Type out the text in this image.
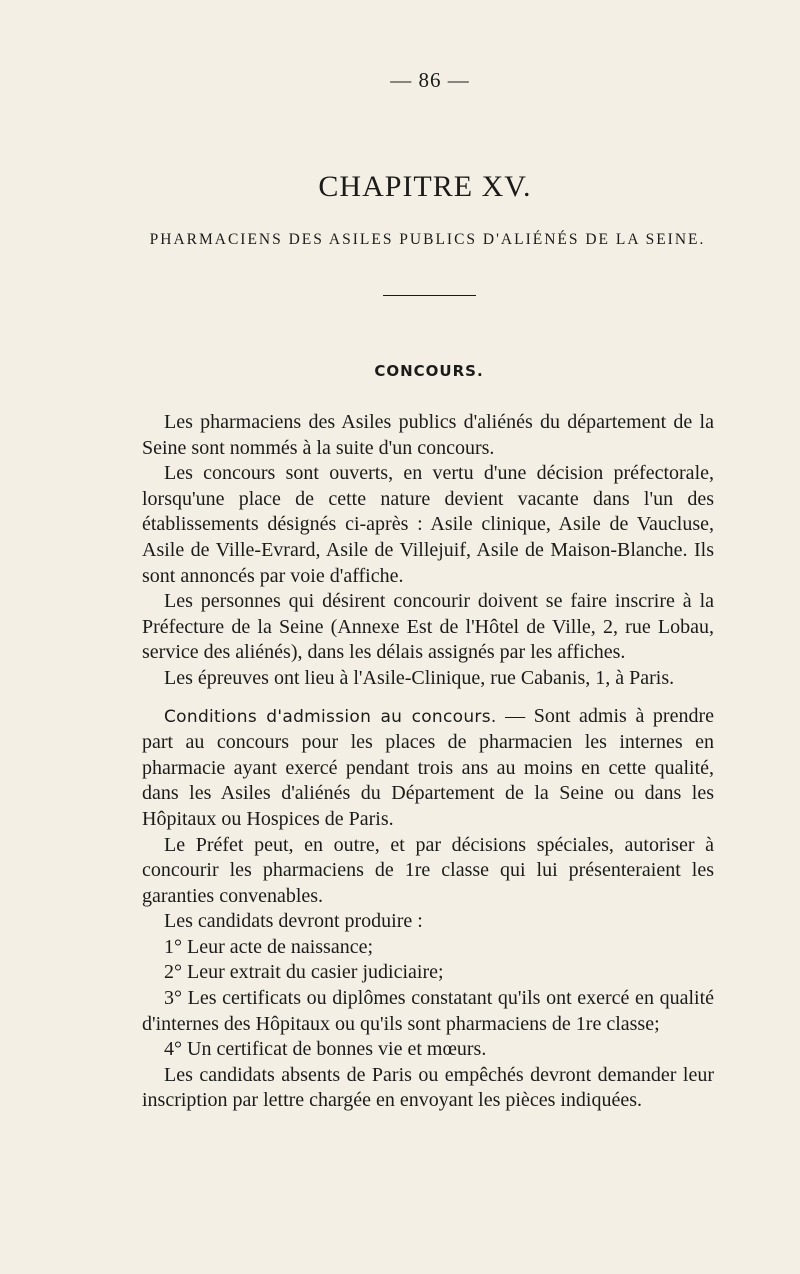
— 86 —
CHAPITRE XV.
PHARMACIENS DES ASILES PUBLICS D'ALIÉNÉS DE LA SEINE.
CONCOURS.

Les pharmaciens des Asiles publics d'aliénés du département de la Seine sont nommés à la suite d'un concours.

Les concours sont ouverts, en vertu d'une décision préfectorale, lorsqu'une place de cette nature devient vacante dans l'un des établissements désignés ci-après : Asile clinique, Asile de Vaucluse, Asile de Ville-Evrard, Asile de Villejuif, Asile de Maison-Blanche. Ils sont annoncés par voie d'affiche.

Les personnes qui désirent concourir doivent se faire inscrire à la Préfecture de la Seine (Annexe Est de l'Hôtel de Ville, 2, rue Lobau, service des aliénés), dans les délais assignés par les affiches.

Les épreuves ont lieu à l'Asile-Clinique, rue Cabanis, 1, à Paris.

Conditions d'admission au concours. — Sont admis à prendre part au concours pour les places de pharmacien les internes en pharmacie ayant exercé pendant trois ans au moins en cette qualité, dans les Asiles d'aliénés du Département de la Seine ou dans les Hôpitaux ou Hospices de Paris.

Le Préfet peut, en outre, et par décisions spéciales, autoriser à concourir les pharmaciens de 1re classe qui lui présenteraient les garanties convenables.

Les candidats devront produire :

1° Leur acte de naissance;

2° Leur extrait du casier judiciaire;

3° Les certificats ou diplômes constatant qu'ils ont exercé en qualité d'internes des Hôpitaux ou qu'ils sont pharmaciens de 1re classe;

4° Un certificat de bonnes vie et mœurs.

Les candidats absents de Paris ou empêchés devront demander leur inscription par lettre chargée en envoyant les pièces indiquées.
